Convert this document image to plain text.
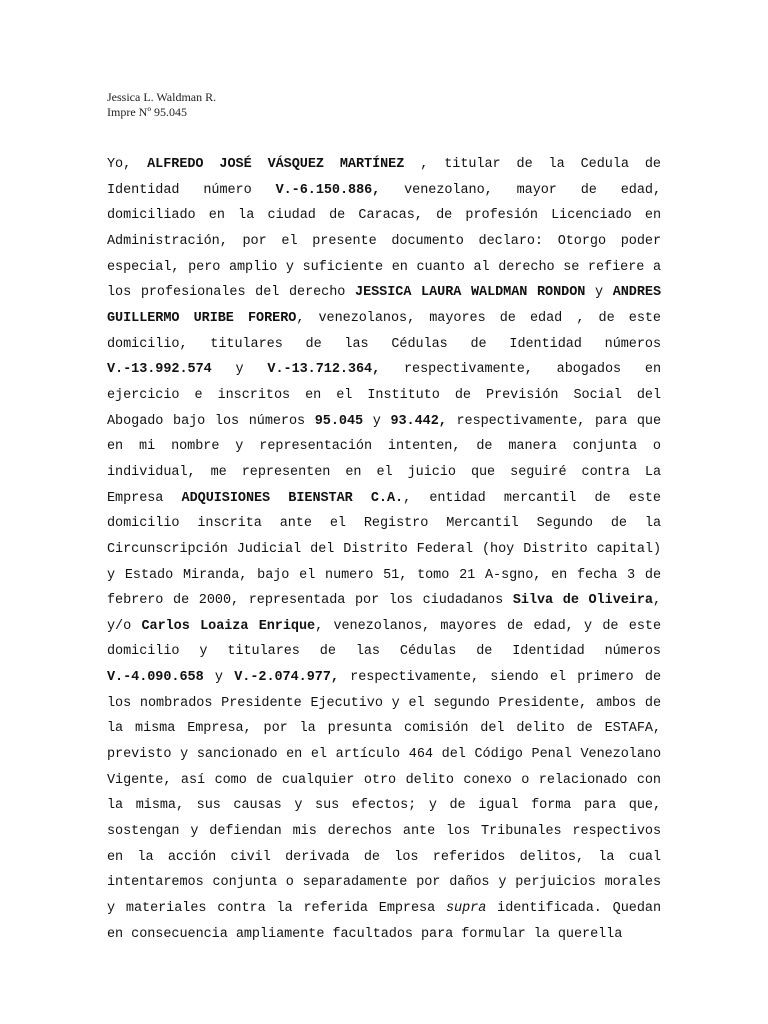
Jessica L. Waldman R.
Impre Nº 95.045
Yo, ALFREDO JOSÉ VÁSQUEZ MARTÍNEZ , titular de la Cedula de Identidad número V.-6.150.886, venezolano, mayor de edad, domiciliado en la ciudad de Caracas, de profesión Licenciado en Administración, por el presente documento declaro: Otorgo poder especial, pero amplio y suficiente en cuanto al derecho se refiere a los profesionales del derecho JESSICA LAURA WALDMAN RONDON y ANDRES GUILLERMO URIBE FORERO, venezolanos, mayores de edad , de este domicilio, titulares de las Cédulas de Identidad números V.-13.992.574 y V.-13.712.364, respectivamente, abogados en ejercicio e inscritos en el Instituto de Previsión Social del Abogado bajo los números 95.045 y 93.442, respectivamente, para que en mi nombre y representación intenten, de manera conjunta o individual, me representen en el juicio que seguiré contra La Empresa ADQUISIONES BIENSTAR C.A., entidad mercantil de este domicilio inscrita ante el Registro Mercantil Segundo de la Circunscripción Judicial del Distrito Federal (hoy Distrito capital) y Estado Miranda, bajo el numero 51, tomo 21 A-sgno, en fecha 3 de febrero de 2000, representada por los ciudadanos Silva de Oliveira, y/o Carlos Loaiza Enrique, venezolanos, mayores de edad, y de este domicilio y titulares de las Cédulas de Identidad números V.-4.090.658 y V.-2.074.977, respectivamente, siendo el primero de los nombrados Presidente Ejecutivo y el segundo Presidente, ambos de la misma Empresa, por la presunta comisión del delito de ESTAFA, previsto y sancionado en el artículo 464 del Código Penal Venezolano Vigente, así como de cualquier otro delito conexo o relacionado con la misma, sus causas y sus efectos; y de igual forma para que, sostengan y defiendan mis derechos ante los Tribunales respectivos en la acción civil derivada de los referidos delitos, la cual intentaremos conjunta o separadamente por daños y perjuicios morales y materiales contra la referida Empresa supra identificada. Quedan en consecuencia ampliamente facultados para formular la querella
